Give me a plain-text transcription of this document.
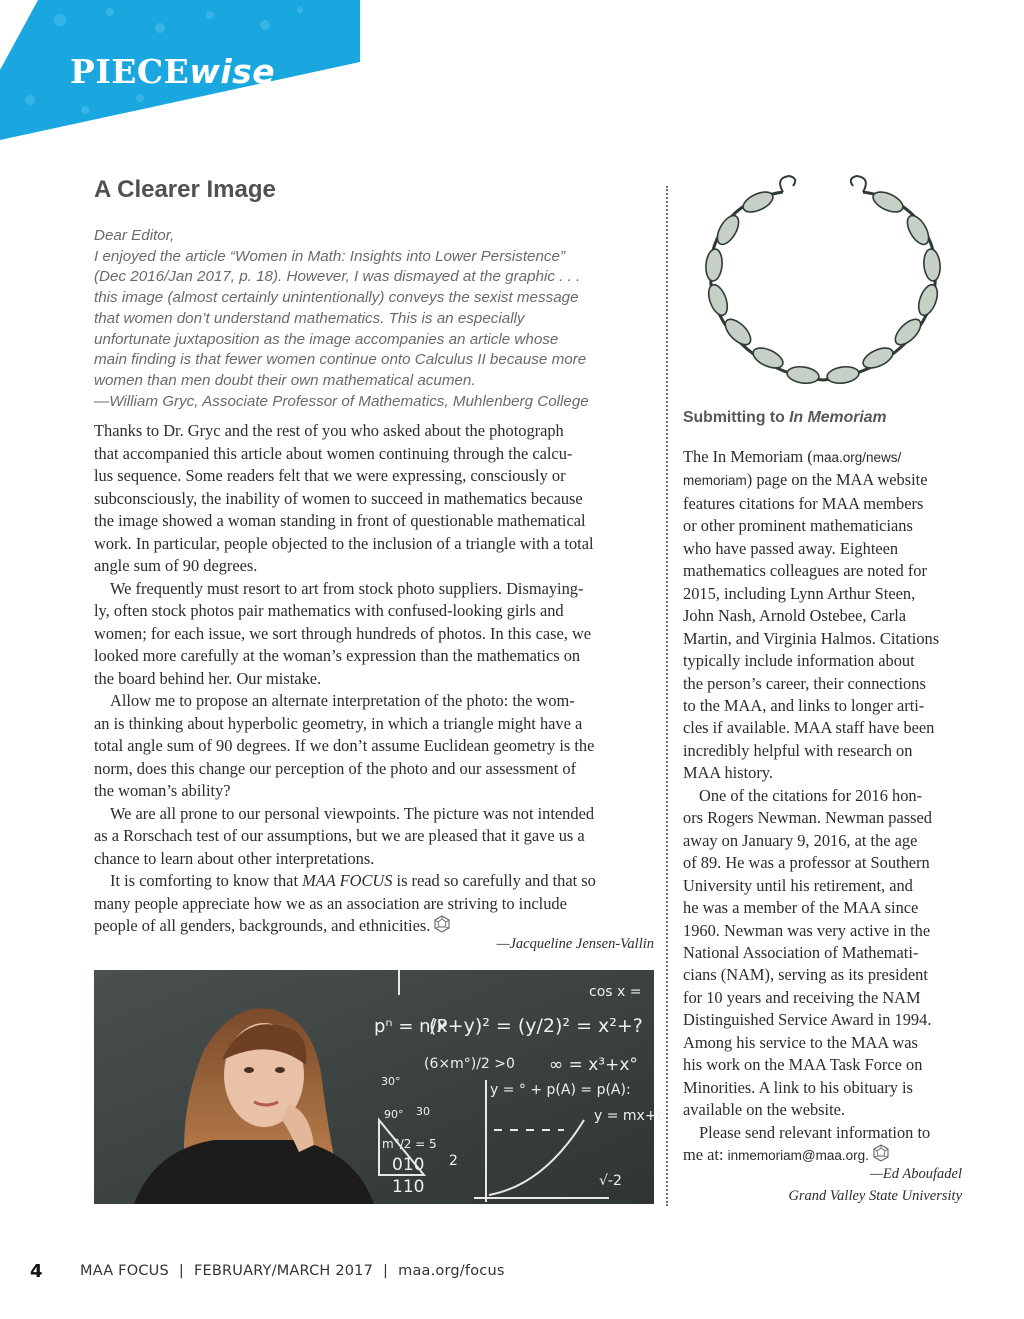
PIECEwise
A Clearer Image
Dear Editor,
I enjoyed the article “Women in Math: Insights into Lower Persistence”
(Dec 2016/Jan 2017, p. 18). However, I was dismayed at the graphic . . .
this image (almost certainly unintentionally) conveys the sexist message
that women don’t understand mathematics. This is an especially
unfortunate juxtaposition as the image accompanies an article whose
main finding is that fewer women continue onto Calculus II because more
women than men doubt their own mathematical acumen.
—William Gryc, Associate Professor of Mathematics, Muhlenberg College
Thanks to Dr. Gryc and the rest of you who asked about the photograph
that accompanied this article about women continuing through the calcu-
lus sequence. Some readers felt that we were expressing, consciously or
subconsciously, the inability of women to succeed in mathematics because
the image showed a woman standing in front of questionable mathematical
work. In particular, people objected to the inclusion of a triangle with a total
angle sum of 90 degrees.
We frequently must resort to art from stock photo suppliers. Dismaying-
ly, often stock photos pair mathematics with confused-looking girls and
women; for each issue, we sort through hundreds of photos. In this case, we
looked more carefully at the woman’s expression than the mathematics on
the board behind her. Our mistake.
Allow me to propose an alternate interpretation of the photo: the wom-
an is thinking about hyperbolic geometry, in which a triangle might have a
total angle sum of 90 degrees. If we don’t assume Euclidean geometry is the
norm, does this change our perception of the photo and our assessment of
the woman’s ability?
We are all prone to our personal viewpoints. The picture was not intended
as a Rorschach test of our assumptions, but we are pleased that it gave us a
chance to learn about other interpretations.
It is comforting to know that MAA FOCUS is read so carefully and that so
many people appreciate how we as an association are striving to include
people of all genders, backgrounds, and ethnicities.
—Jacqueline Jensen-Vallin
cos x =
pⁿ = n/P
(x+y)² = (y/2)² = x²+?
(6×m°)/2 >0 ∞ = x³+x°
y = ° + p(A) = p(A):
30°
90° 30
m°/2 = 5
010
110
2
y = mx+b
√-2
Submitting to In Memoriam
The In Memoriam (maa.org/news/
memoriam) page on the MAA website
features citations for MAA members
or other prominent mathematicians
who have passed away. Eighteen
mathematics colleagues are noted for
2015, including Lynn Arthur Steen,
John Nash, Arnold Ostebee, Carla
Martin, and Virginia Halmos. Citations
typically include information about
the person’s career, their connections
to the MAA, and links to longer arti-
cles if available. MAA staff have been
incredibly helpful with research on
MAA history.
One of the citations for 2016 hon-
ors Rogers Newman. Newman passed
away on January 9, 2016, at the age
of 89. He was a professor at Southern
University until his retirement, and
he was a member of the MAA since
1960. Newman was very active in the
National Association of Mathemati-
cians (NAM), serving as its president
for 10 years and receiving the NAM
Distinguished Service Award in 1994.
Among his service to the MAA was
his work on the MAA Task Force on
Minorities. A link to his obituary is
available on the website.
Please send relevant information to
me at: inmemoriam@maa.org.
—Ed Aboufadel
Grand Valley State University
4	MAA FOCUS | FEBRUARY/MARCH 2017 | maa.org/focus
